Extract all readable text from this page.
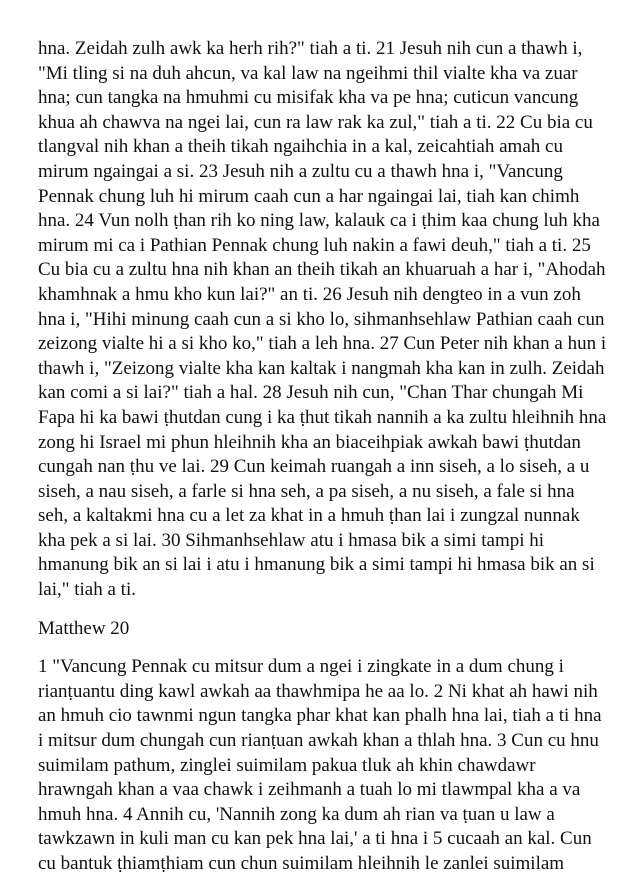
hna. Zeidah zulh awk ka herh rih?" tiah a ti. 21 Jesuh nih cun a thawh i,
"Mi tling si na duh ahcun, va kal law na ngeihmi thil vialte kha va zuar
hna; cun tangka na hmuhmi cu misifak kha va pe hna; cuticun vancung
khua ah chawva na ngei lai, cun ra law rak ka zul," tiah a ti. 22 Cu bia cu
tlangval nih khan a theih tikah ngaihchia in a kal, zeicahtiah amah cu
mirum ngaingai a si. 23 Jesuh nih a zultu cu a thawh hna i, "Vancung
Pennak chung luh hi mirum caah cun a har ngaingai lai, tiah kan chimh
hna. 24 Vun nolh ṭhan rih ko ning law, kalauk ca i ṭhim kaa chung luh kha
mirum mi ca i Pathian Pennak chung luh nakin a fawi deuh," tiah a ti. 25
Cu bia cu a zultu hna nih khan an theih tikah an khuaruah a har i, "Ahodah
khamhnak a hmu kho kun lai?" an ti. 26 Jesuh nih dengteo in a vun zoh
hna i, "Hihi minung caah cun a si kho lo, sihmanhsehlaw Pathian caah cun
zeizong vialte hi a si kho ko," tiah a leh hna. 27 Cun Peter nih khan a hun i
thawh i, "Zeizong vialte kha kan kaltak i nangmah kha kan in zulh. Zeidah
kan comi a si lai?" tiah a hal. 28 Jesuh nih cun, "Chan Thar chungah Mi
Fapa hi ka bawi ṭhutdan cung i ka ṭhut tikah nannih a ka zultu hleihnih hna
zong hi Israel mi phun hleihnih kha an biaceihpiak awkah bawi ṭhutdan
cungah nan ṭhu ve lai. 29 Cun keimah ruangah a inn siseh, a lo siseh, a u
siseh, a nau siseh, a farle si hna seh, a pa siseh, a nu siseh, a fale si hna
seh, a kaltakmi hna cu a let za khat in a hmuh ṭhan lai i zungzal nunnak
kha pek a si lai. 30 Sihmanhsehlaw atu i hmasa bik a simi tampi hi
hmanung bik an si lai i atu i hmanung bik a simi tampi hi hmasa bik an si
lai," tiah a ti.

Matthew 20

1 "Vancung Pennak cu mitsur dum a ngei i zingkate in a dum chung i
rianṭuantu ding kawl awkah aa thawhmipa he aa lo. 2 Ni khat ah hawi nih
an hmuh cio tawnmi ngun tangka phar khat kan phalh hna lai, tiah a ti hna
i mitsur dum chungah cun rianṭuan awkah khan a thlah hna. 3 Cun cu hnu
suimilam pathum, zinglei suimilam pakua tluk ah khin chawdawr
hrawngah khan a vaa chawk i zeihmanh a tuah lo mi tlawmpal kha a va
hmuh hna. 4 Annih cu, 'Nannih zong ka dum ah rian va ṭuan u law a
tawkzawn in kuli man cu kan pek hna lai,' a ti hna i 5 cucaah an kal. Cun
cu bantuk ṭhiamṭhiam cun chun suimilam hleihnih le zanlei suimilam
